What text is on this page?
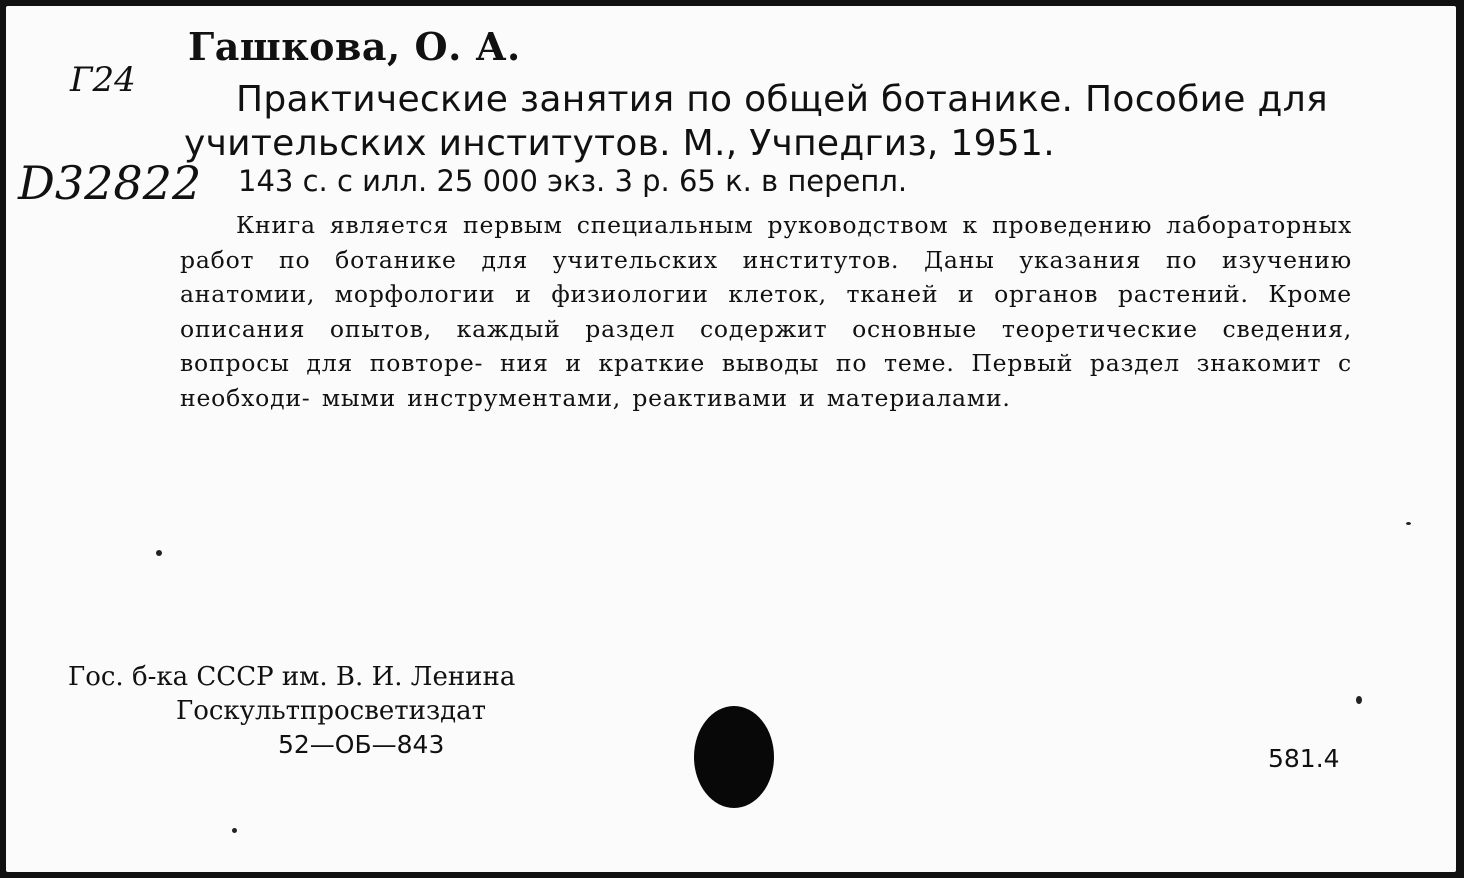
Гашкова, О. А.
Г24	Практические занятия по общей ботанике. Пособие для
учительских институтов. М., Учпедгиз, 1951.
D32822 143 с. с илл. 25 000 экз. 3 р. 65 к. в перепл.
Книга является первым специальным руководством к проведению лабораторных работ по ботанике для учительских институтов. Даны указания по изучению анатомии, морфологии и физиологии клеток, тканей и органов растений. Кроме описания опытов, каждый раздел содержит основные теоретические сведения, вопросы для повторе- ния и краткие выводы по теме. Первый раздел знакомит с необходи- мыми инструментами, реактивами и материалами.
Гос. б-ка СССР им. В. И. Ленина
Госкультпросветиздат
52—ОБ—843	581.4
